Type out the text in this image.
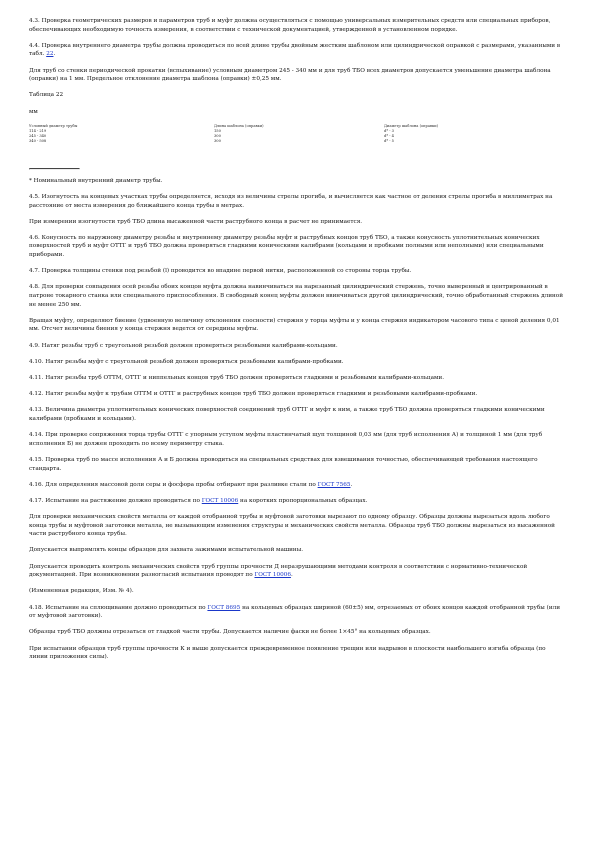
4.3. Проверка геометрических размеров и параметров труб и муфт должна осуществляться с помощью универсальных измерительных средств или специальных приборов, обеспечивающих необходимую точность измерения, в соответствии с технической документацией, утвержденной в установленном порядке.

4.4. Проверка внутреннего диаметра трубы должна проводиться по всей длине трубы двойным жестким шаблоном или цилиндрической оправкой с размерами, указанными в табл. 22.

Для труб со стенки периодической прокатки (вспыхивание) условным диаметром 245 - 340 мм и для труб ТБО всех диаметров допускается уменьшение диаметра шаблона (оправки) на 1 мм. Предельное отклонение диаметра шаблона (оправки) ±0,25 мм.

Таблица 22

мм

Условный диаметр трубы	Длина шаблона (оправки)	Диаметр шаблона (оправки)
114 - 219	150	d* - 3
245 - 340	300	d* - 4
340 - 508	300	d* - 5

* Номинальный внутренний диаметр трубы.

4.5. Изогнутость на концевых участках трубы определяется, исходя из величины стрелы прогиба, и вычисляется как частное от деления стрелы прогиба в миллиметрах на расстояние от места измерения до ближайшего конца трубы в метрах.

При измерении изогнутости труб ТБО длина высаженной части раструбного конца в расчет не принимается.

4.6. Конусность по наружному диаметру резьбы и внутреннему диаметру резьбы муфт и раструбных концов труб ТБО, а также конусность уплотнительных конических поверхностей труб и муфт ОТТГ и труб ТБО должна проверяться гладкими коническими калибрами (кольцами и пробками полными или неполными) или специальными приборами.

4.7. Проверка толщины стенки под резьбой (l) проводится во впадине первой нитки, расположенной со стороны торца трубы.

4.8. Для проверки совпадения осей резьбы обоих концов муфта должна навинчиваться на нарезанный цилиндрический стержень, точно выверенный и центрированный в патроне токарного станка или специального приспособления. В свободный конец муфты должен ввинчиваться другой цилиндрический, точно обработанный стержень длиной не менее 250 мм.

Вращая муфту, определяют биение (удвоенную величину отклонения соосности) стержня у торца муфты и у конца стержня индикатором часового типа с ценой деления 0,01 мм. Отсчет величины биения у конца стержня ведется от середины муфты.

4.9. Натяг резьбы труб с треугольной резьбой должен проверяться резьбовыми калибрами-кольцами.

4.10. Натяг резьбы муфт с треугольной резьбой должен проверяться резьбовыми калибрами-пробками.

4.11. Натяг резьбы труб ОТТМ, ОТТГ и ниппельных концов труб ТБО должен проверяться гладкими и резьбовыми калибрами-кольцами.

4.12. Натяг резьбы муфт к трубам ОТТМ и ОТТГ и раструбных концов труб ТБО должен проверяться гладкими и резьбовыми калибрами-пробками.

4.13. Величина диаметра уплотнительных конических поверхностей соединений труб ОТТГ и муфт к ним, а также труб ТБО должна проверяться гладкими коническими калибрами (пробками и кольцами).

4.14. При проверке сопряжения торца трубы ОТТГ с упорным уступом муфты пластинчатый щуп толщиной 0,03 мм (для труб исполнения А) и толщиной 1 мм (для труб исполнения Б) не должен проходить по всему периметру стыка.

4.15. Проверка труб по массе исполнения А и Б должна проводиться на специальных средствах для взвешивания точностью, обеспечивающей требования настоящего стандарта.

4.16. Для определения массовой доли серы и фосфора пробы отбирают при разливке стали по ГОСТ 7565.

4.17. Испытание на растяжение должно проводиться по ГОСТ 10006 на коротких пропорциональных образцах.

Для проверки механических свойств металла от каждой отобранной трубы и муфтовой заготовки вырезают по одному образцу. Образцы должны вырезаться вдоль любого конца трубы и муфтовой заготовки металла, не вызывающим изменения структуры и механических свойств металла. Образцы труб ТБО должны вырезаться из высаженной части раструбного конца трубы.

Допускается выпрямлять концы образцов для захвата зажимами испытательной машины.

Допускается проводить контроль механических свойств труб группы прочности Д неразрушающими методами контроля в соответствии с нормативно-технической документацией. При возникновении разногласий испытания проводят по ГОСТ 10006.

(Измененная редакция, Изм. № 4).

4.18. Испытание на сплющивание должно проводиться по ГОСТ 8695 на кольцевых образцах шириной (60±5) мм, отрезаемых от обоих концов каждой отобранной трубы (или от муфтовой заготовки).

Образцы труб ТБО должны отрезаться от гладкой части трубы. Допускается наличие фаски не более 1×45° на кольцевых образцах.

При испытании образцов труб группы прочности К и выше допускается преждевременное появление трещин или надрывов в плоскости наибольшего изгиба образца (по линии приложения силы).
